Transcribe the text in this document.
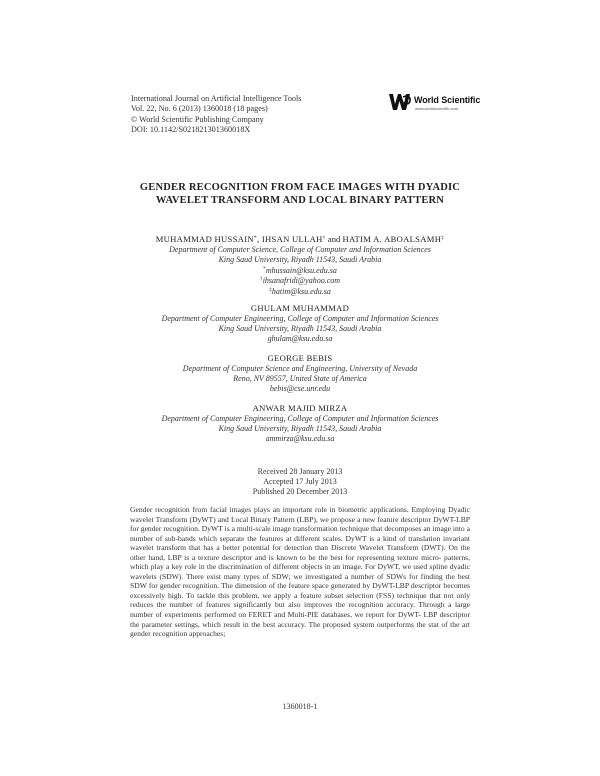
International Journal on Artificial Intelligence Tools
Vol. 22, No. 6 (2013) 1360018 (18 pages)
© World Scientific Publishing Company
DOI: 10.1142/S021821301360018X
World Scientific
www.worldscientific.com
GENDER RECOGNITION FROM FACE IMAGES WITH DYADIC
WAVELET TRANSFORM AND LOCAL BINARY PATTERN
MUHAMMAD HUSSAIN*, IHSAN ULLAH† and HATIM A. ABOALSAMH‡
Department of Computer Science, College of Computer and Information Sciences
King Saud University, Riyadh 11543, Saudi Arabia
*mhussain@ksu.edu.sa
†ihsanafridi@yahoo.com
‡hatim@ksu.edu.sa
GHULAM MUHAMMAD
Department of Computer Engineering, College of Computer and Information Sciences
King Saud University, Riyadh 11543, Saudi Arabia
ghulam@ksu.edu.sa
GEORGE BEBIS
Department of Computer Science and Engineering, University of Nevada
Reno, NV 89557, United State of America
bebis@cse.unr.edu
ANWAR MAJID MIRZA
Department of Computer Engineering, College of Computer and Information Sciences
King Saud University, Riyadh 11543, Saudi Arabia
ammirza@ksu.edu.sa
Received 28 January 2013
Accepted 17 July 2013
Published 20 December 2013

Gender recognition from facial images plays an important role in biometric applications. Employing Dyadic wavelet Transform (DyWT) and Local Binary Pattern (LBP), we propose a new feature descriptor DyWT-LBP for gender recognition. DyWT is a multi-scale image transformation technique that decomposes an image into a number of sub-bands which separate the features at different scales. DyWT is a kind of translation invariant wavelet transform that has a better potential for detection than Discrete Wavelet Transform (DWT). On the other hand, LBP is a texture descriptor and is known to be the best for representing texture micro- patterns, which play a key role in the discrimination of different objects in an image. For DyWT, we used spline dyadic wavelets (SDW). There exist many types of SDW; we investigated a number of SDWs for finding the best SDW for gender recognition. The dimension of the feature space generated by DyWT-LBP descriptor becomes excessively high. To tackle this problem, we apply a feature subset selection (FSS) technique that not only reduces the number of features significantly but also improves the recognition accuracy. Through a large number of experiments performed on FERET and Multi-PIE databases, we report for DyWT- LBP descriptor the parameter settings, which result in the best accuracy. The proposed system outperforms the stat of the art gender recognition approaches;

1360018-1
